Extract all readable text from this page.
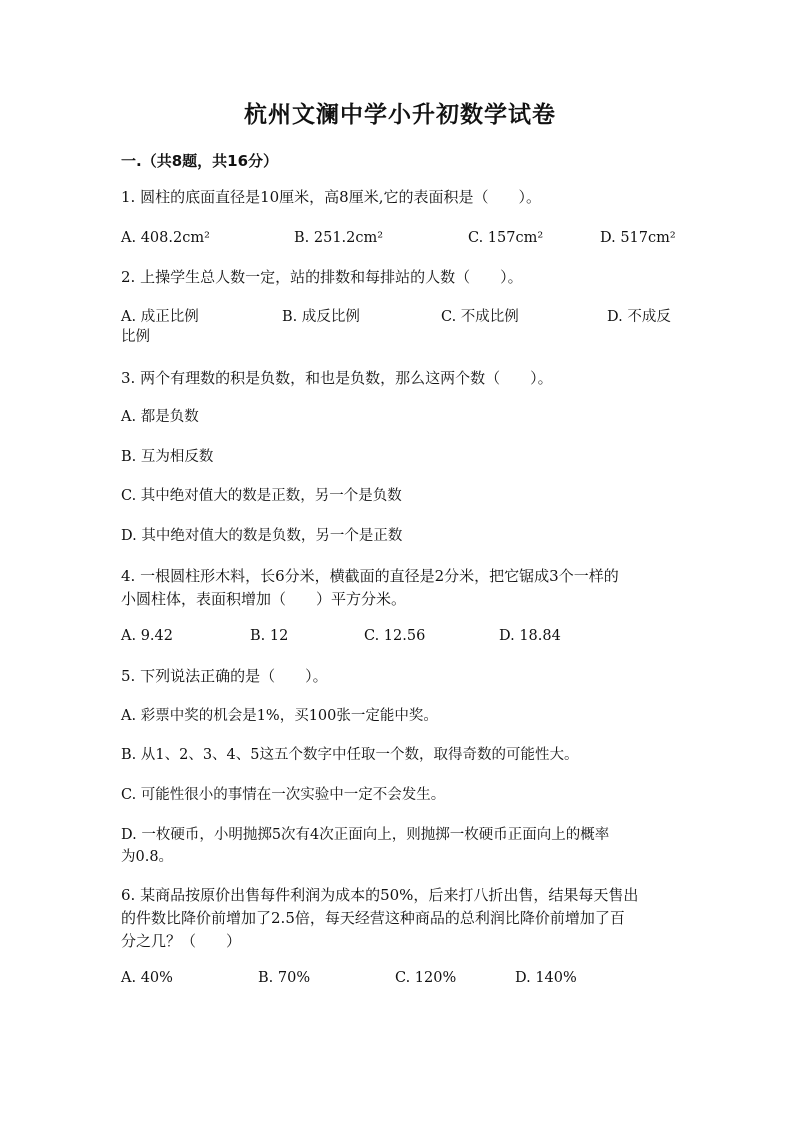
杭州文澜中学小升初数学试卷
一.（共8题，共16分）
1. 圆柱的底面直径是10厘米，高8厘米,它的表面积是（　　）。
A. 408.2cm²	B. 251.2cm²	C. 157cm²	D. 517cm²
2. 上操学生总人数一定，站的排数和每排站的人数（　　）。
A. 成正比例	B. 成反比例	C. 不成比例	D. 不成反
比例
3. 两个有理数的积是负数，和也是负数，那么这两个数（　　）。
A. 都是负数
B. 互为相反数
C. 其中绝对值大的数是正数，另一个是负数
D. 其中绝对值大的数是负数，另一个是正数
4. 一根圆柱形木料，长6分米，横截面的直径是2分米，把它锯成3个一样的
小圆柱体，表面积增加（　　）平方分米。
A. 9.42	B. 12	C. 12.56	D. 18.84
5. 下列说法正确的是（　　）。
A. 彩票中奖的机会是1%，买100张一定能中奖。
B. 从1、2、3、4、5这五个数字中任取一个数，取得奇数的可能性大。
C. 可能性很小的事情在一次实验中一定不会发生。
D. 一枚硬币，小明抛掷5次有4次正面向上，则抛掷一枚硬币正面向上的概率
为0.8。
6. 某商品按原价出售每件利润为成本的50%，后来打八折出售，结果每天售出
的件数比降价前增加了2.5倍，每天经营这种商品的总利润比降价前增加了百
分之几？（　　）
A. 40%	B. 70%	C. 120%	D. 140%
